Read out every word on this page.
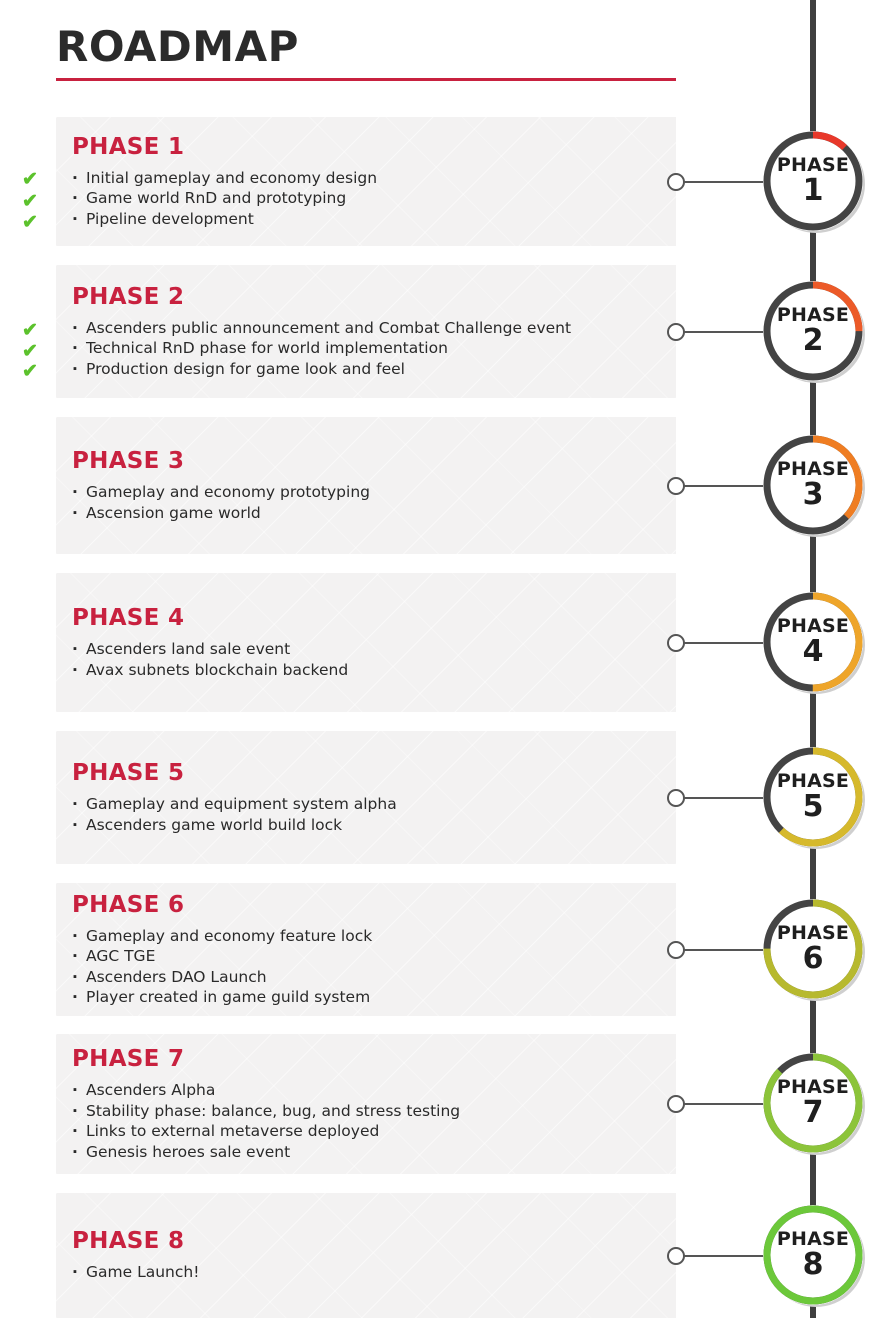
ROADMAP
PHASE 1
· Initial gameplay and economy design
· Game world RnD and prototyping
· Pipeline development
✔
✔
✔
PHASE
1
PHASE 2
· Ascenders public announcement and Combat Challenge event
· Technical RnD phase for world implementation
· Production design for game look and feel
✔
✔
✔
PHASE
2
PHASE 3
· Gameplay and economy prototyping
· Ascension game world
PHASE
3
PHASE 4
· Ascenders land sale event
· Avax subnets blockchain backend
PHASE
4
PHASE 5
· Gameplay and equipment system alpha
· Ascenders game world build lock
PHASE
5
PHASE 6
· Gameplay and economy feature lock
· AGC TGE
· Ascenders DAO Launch
· Player created in game guild system
PHASE
6
PHASE 7
· Ascenders Alpha
· Stability phase: balance, bug, and stress testing
· Links to external metaverse deployed
· Genesis heroes sale event
PHASE
7
PHASE 8
· Game Launch!
PHASE
8
